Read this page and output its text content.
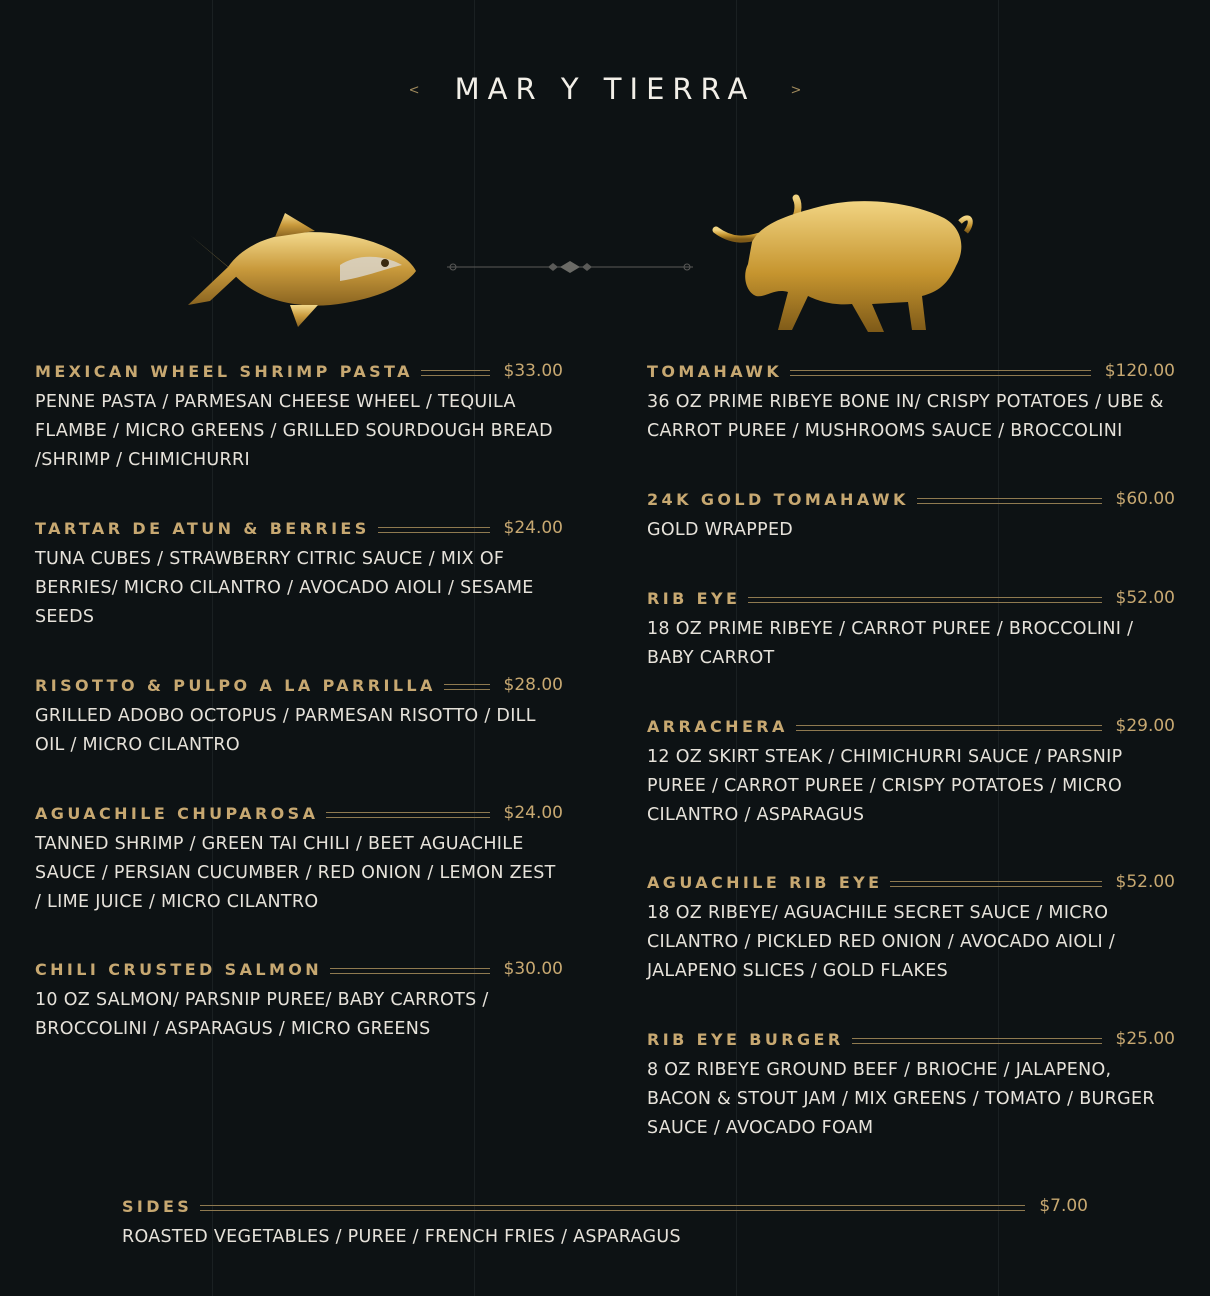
< MAR Y TIERRA	>
MEXICAN WHEEL SHRIMP PASTA	$33.00
PENNE PASTA / PARMESAN CHEESE WHEEL / TEQUILA FLAMBE / MICRO GREENS / GRILLED SOURDOUGH BREAD /SHRIMP / CHIMICHURRI
TARTAR DE ATUN & BERRIES	$24.00
TUNA CUBES / STRAWBERRY CITRIC SAUCE / MIX OF BERRIES/ MICRO CILANTRO / AVOCADO AIOLI / SESAME SEEDS
RISOTTO & PULPO A LA PARRILLA	$28.00
GRILLED ADOBO OCTOPUS / PARMESAN RISOTTO / DILL OIL / MICRO CILANTRO
AGUACHILE CHUPAROSA	$24.00
TANNED SHRIMP / GREEN TAI CHILI / BEET AGUACHILE SAUCE / PERSIAN CUCUMBER / RED ONION / LEMON ZEST / LIME JUICE / MICRO CILANTRO
CHILI CRUSTED SALMON	$30.00
10 OZ SALMON/ PARSNIP PUREE/ BABY CARROTS / BROCCOLINI / ASPARAGUS / MICRO GREENS
TOMAHAWK	$120.00
36 OZ PRIME RIBEYE BONE IN/ CRISPY POTATOES / UBE & CARROT PUREE / MUSHROOMS SAUCE / BROCCOLINI
24K GOLD TOMAHAWK	$60.00
GOLD WRAPPED
RIB EYE	$52.00
18 OZ PRIME RIBEYE / CARROT PUREE / BROCCOLINI / BABY CARROT
ARRACHERA	$29.00
12 OZ SKIRT STEAK / CHIMICHURRI SAUCE / PARSNIP PUREE / CARROT PUREE / CRISPY POTATOES / MICRO CILANTRO / ASPARAGUS
AGUACHILE RIB EYE	$52.00
18 OZ RIBEYE/ AGUACHILE SECRET SAUCE / MICRO CILANTRO / PICKLED RED ONION / AVOCADO AIOLI / JALAPENO SLICES / GOLD FLAKES
RIB EYE BURGER	$25.00
8 OZ RIBEYE GROUND BEEF / BRIOCHE / JALAPENO, BACON & STOUT JAM / MIX GREENS / TOMATO / BURGER SAUCE / AVOCADO FOAM
SIDES	$7.00
ROASTED VEGETABLES / PUREE / FRENCH FRIES / ASPARAGUS
